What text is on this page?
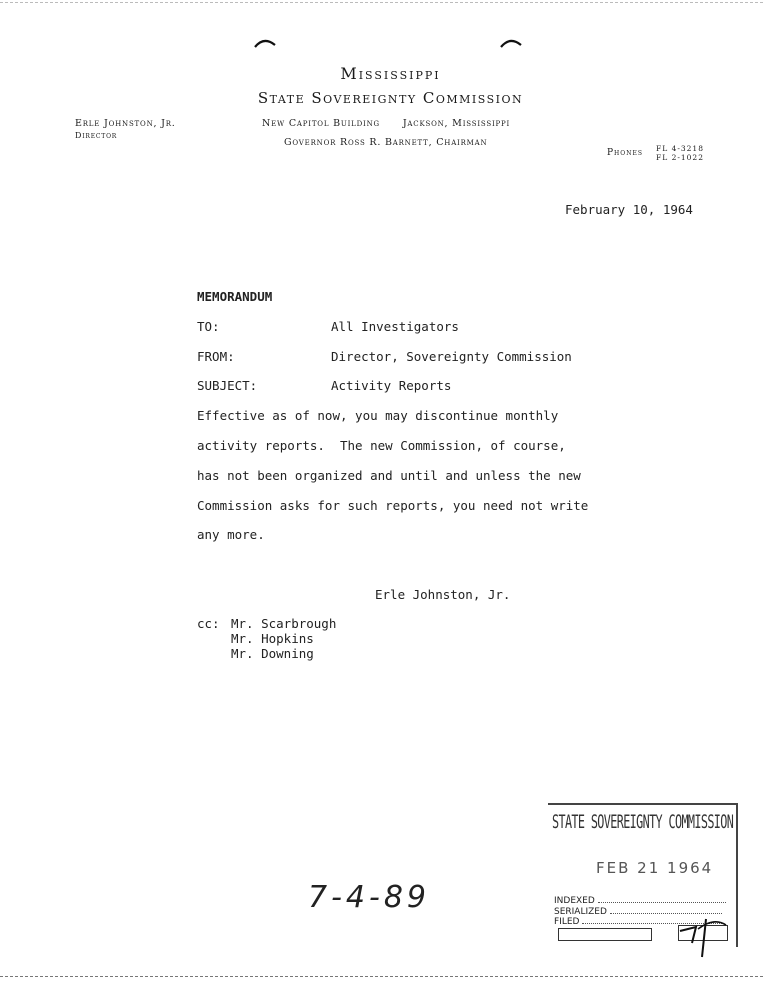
Mississippi
State Sovereignty Commission
New Capitol Building      Jackson, Mississippi
Governor Ross R. Barnett, Chairman
Erle Johnston, Jr.
Director
Phones FL 4-3218
FL 2-1022
February 10, 1964
MEMORANDUM
TO:	All Investigators
FROM:	Director, Sovereignty Commission
SUBJECT:	Activity Reports
Effective as of now, you may discontinue monthly
activity reports.  The new Commission, of course,
has not been organized and until and unless the new
Commission asks for such reports, you need not write
any more.
Erle Johnston, Jr.
cc: Mr. Scarbrough
Mr. Hopkins
Mr. Downing
7-4-89
STATE SOVEREIGNTY COMMISSION
FEB 21 1964
INDEXED
SERIALIZED
FILED
